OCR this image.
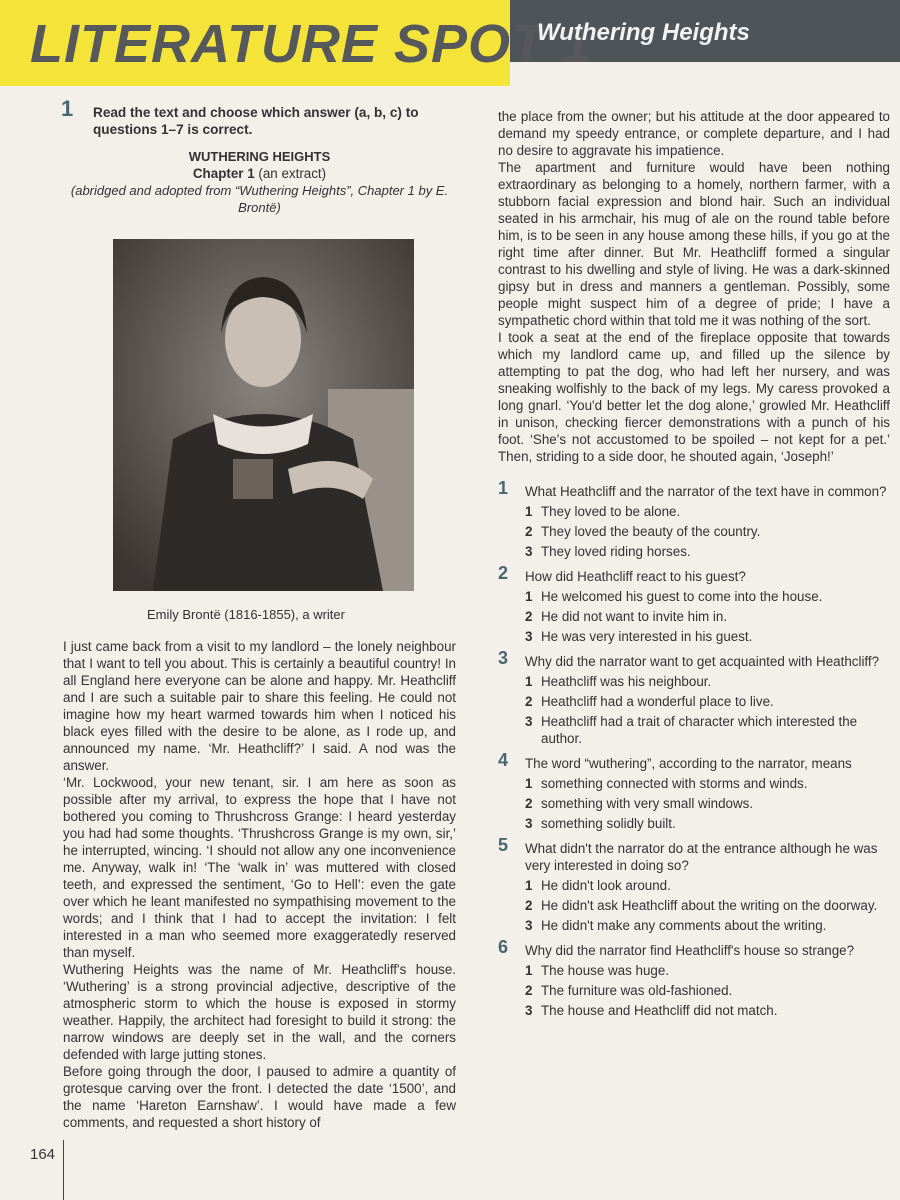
LITERATURE SPOT 1
Wuthering Heights
1 Read the text and choose which answer (a, b, c) to questions 1–7 is correct.
WUTHERING HEIGHTS
Chapter 1 (an extract)
(abridged and adopted from “Wuthering Heights”, Chapter 1 by E. Brontë)
Emily Brontë (1816-1855), a writer

I just came back from a visit to my landlord – the lonely neighbour that I want to tell you about. This is certainly a beautiful country! In all England here everyone can be alone and happy. Mr. Heathcliff and I are such a suitable pair to share this feeling. He could not imagine how my heart warmed towards him when I noticed his black eyes filled with the desire to be alone, as I rode up, and announced my name. ‘Mr. Heathcliff?’ I said. A nod was the answer.

‘Mr. Lockwood, your new tenant, sir. I am here as soon as possible after my arrival, to express the hope that I have not bothered you coming to Thrushcross Grange: I heard yesterday you had had some thoughts. ‘Thrushcross Grange is my own, sir,’ he interrupted, wincing. ‘I should not allow any one inconvenience me. Anyway, walk in! ‘The ‘walk in’ was muttered with closed teeth, and expressed the sentiment, ‘Go to Hell’: even the gate over which he leant manifested no sympathising movement to the words; and I think that I had to accept the invitation: I felt interested in a man who seemed more exaggeratedly reserved than myself.

Wuthering Heights was the name of Mr. Heathcliff's house. ‘Wuthering’ is a strong provincial adjective, descriptive of the atmospheric storm to which the house is exposed in stormy weather. Happily, the architect had foresight to build it strong: the narrow windows are deeply set in the wall, and the corners defended with large jutting stones.

Before going through the door, I paused to admire a quantity of grotesque carving over the front. I detected the date ‘1500’, and the name ‘Hareton Earnshaw’. I would have made a few comments, and requested a short history of

the place from the owner; but his attitude at the door appeared to demand my speedy entrance, or complete departure, and I had no desire to aggravate his impatience.

The apartment and furniture would have been nothing extraordinary as belonging to a homely, northern farmer, with a stubborn facial expression and blond hair. Such an individual seated in his armchair, his mug of ale on the round table before him, is to be seen in any house among these hills, if you go at the right time after dinner. But Mr. Heathcliff formed a singular contrast to his dwelling and style of living. He was a dark-skinned gipsy but in dress and manners a gentleman. Possibly, some people might suspect him of a degree of pride; I have a sympathetic chord within that told me it was nothing of the sort.

I took a seat at the end of the fireplace opposite that towards which my landlord came up, and filled up the silence by attempting to pat the dog, who had left her nursery, and was sneaking wolfishly to the back of my legs. My caress provoked a long gnarl. ‘You'd better let the dog alone,’ growled Mr. Heathcliff in unison, checking fiercer demonstrations with a punch of his foot. ‘She's not accustomed to be spoiled – not kept for a pet.’ Then, striding to a side door, he shouted again, ‘Joseph!’

1 What Heathcliff and the narrator of the text have in common?
1 They loved to be alone.
2 They loved the beauty of the country.
3 They loved riding horses.
2 How did Heathcliff react to his guest?
1 He welcomed his guest to come into the house.
2 He did not want to invite him in.
3 He was very interested in his guest.
3 Why did the narrator want to get acquainted with Heathcliff?
1 Heathcliff was his neighbour.
2 Heathcliff had a wonderful place to live.
3 Heathcliff had a trait of character which interested the author.
4 The word “wuthering”, according to the narrator, means
1 something connected with storms and winds.
2 something with very small windows.
3 something solidly built.
5 What didn't the narrator do at the entrance although he was very interested in doing so?
1 He didn't look around.
2 He didn't ask Heathcliff about the writing on the doorway.
3 He didn't make any comments about the writing.
6 Why did the narrator find Heathcliff's house so strange?
1 The house was huge.
2 The furniture was old-fashioned.
3 The house and Heathcliff did not match.
164
